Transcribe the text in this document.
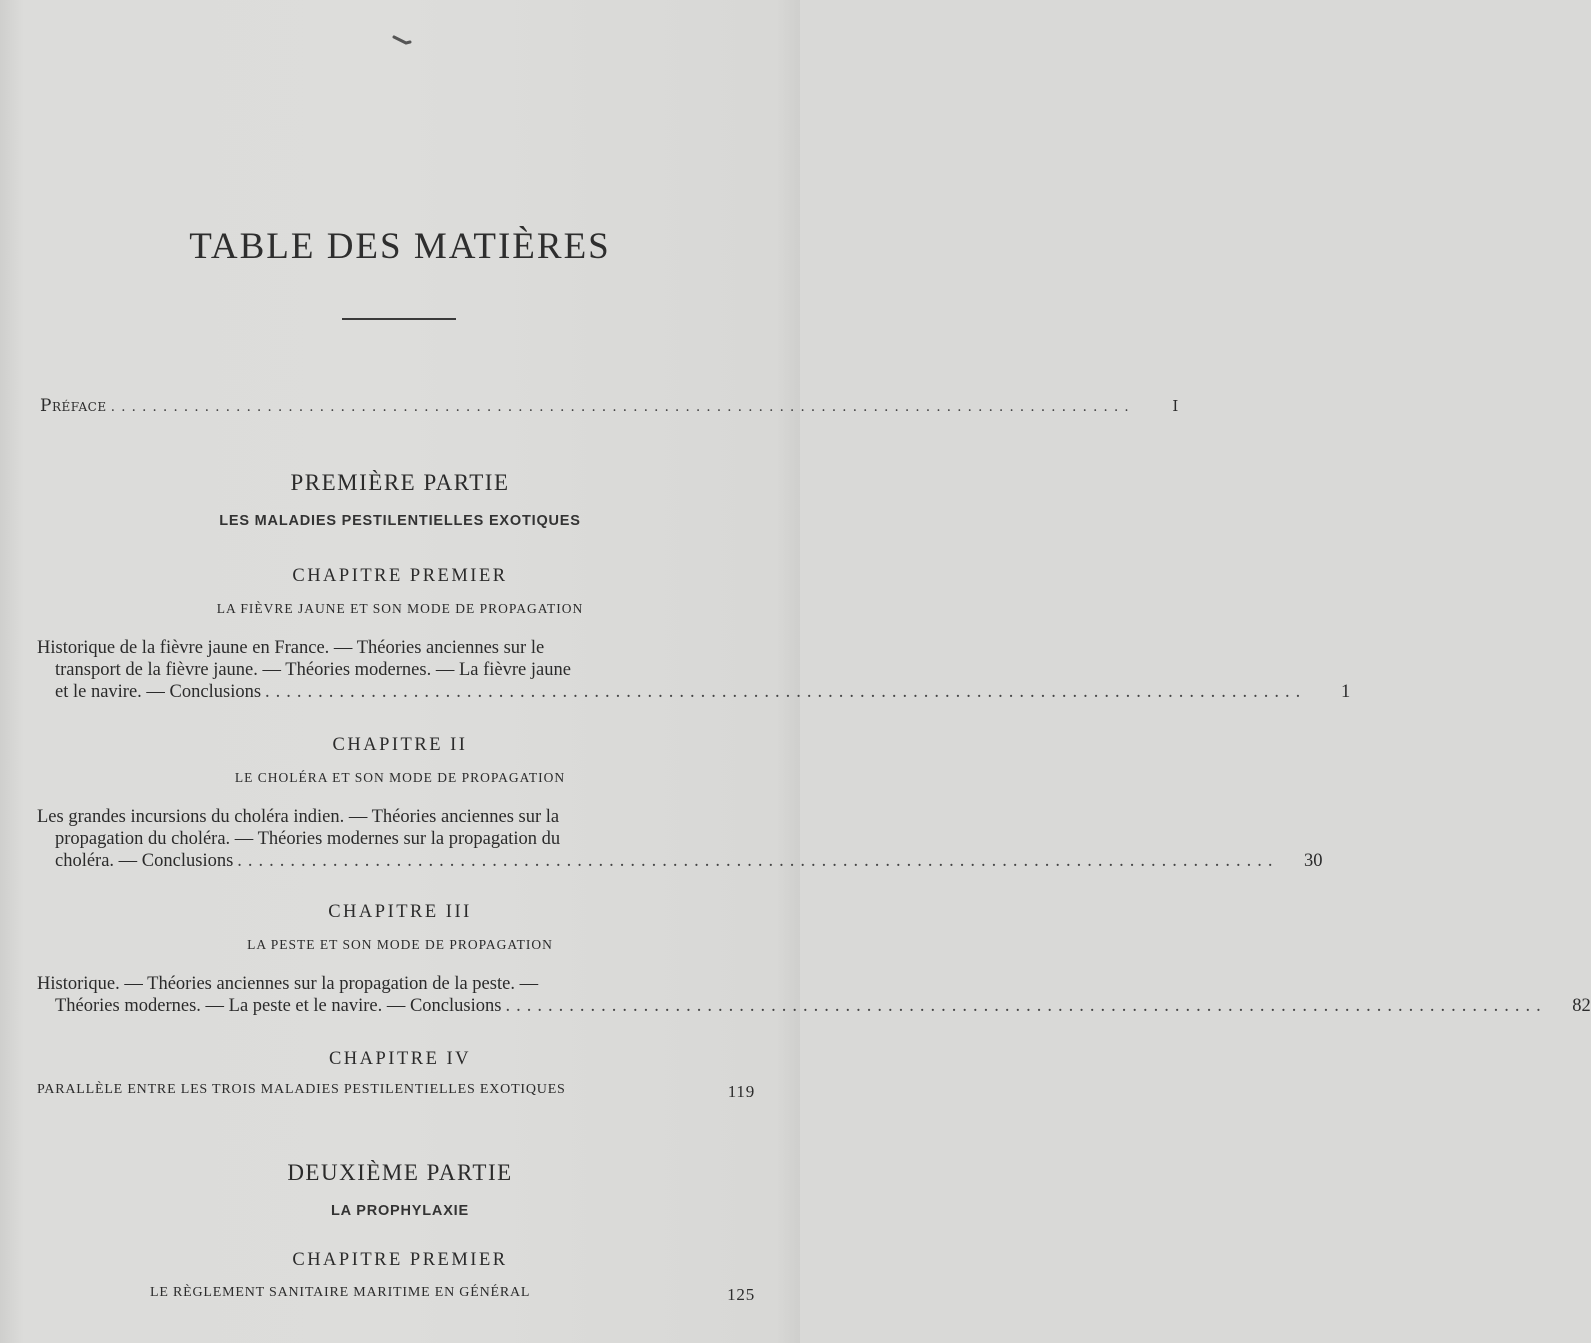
TABLE DES MATIÈRES
Préface ..................................................................................................	I
PREMIÈRE PARTIE
LES MALADIES PESTILENTIELLES EXOTIQUES
CHAPITRE PREMIER
LA FIÈVRE JAUNE ET SON MODE DE PROPAGATION
Historique de la fièvre jaune en France. — Théories anciennes sur le
transport de la fièvre jaune. — Théories modernes. — La fièvre jaune
et le navire. — Conclusions ..................................................................................................	1
CHAPITRE II
LE CHOLÉRA ET SON MODE DE PROPAGATION
Les grandes incursions du choléra indien. — Théories anciennes sur la
propagation du choléra. — Théories modernes sur la propagation du
choléra. — Conclusions ..................................................................................................	30
CHAPITRE III
LA PESTE ET SON MODE DE PROPAGATION
Historique. — Théories anciennes sur la propagation de la peste. —
Théories modernes. — La peste et le navire. — Conclusions ..................................................................................................	82
CHAPITRE IV
PARALLÈLE ENTRE LES TROIS MALADIES PESTILENTIELLES EXOTIQUES	119
DEUXIÈME PARTIE
LA PROPHYLAXIE
CHAPITRE PREMIER
LE RÈGLEMENT SANITAIRE MARITIME EN GÉNÉRAL	125
